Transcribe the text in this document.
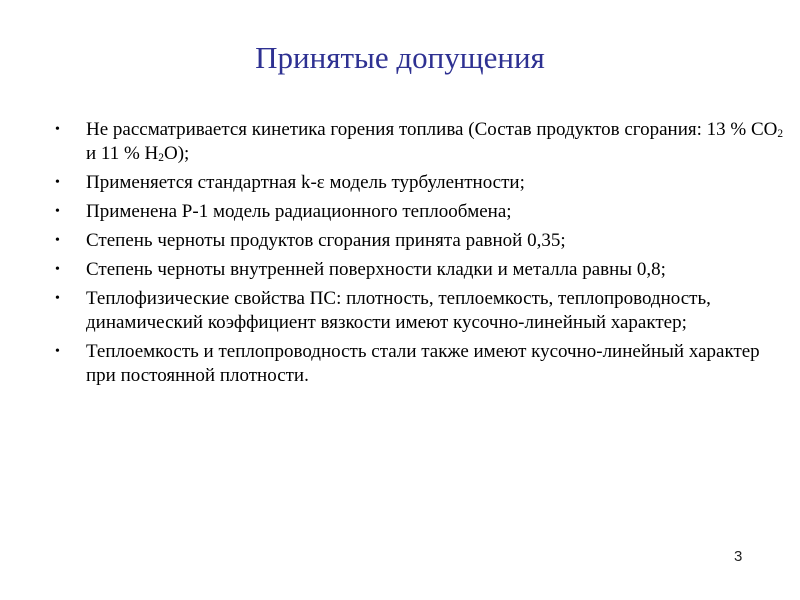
Принятые допущения
•	Не рассматривается кинетика горения топлива (Состав продуктов сгорания: 13 % $CO_2$ и 11 % $H_2O$);
•	Применяется стандартная k-ε модель турбулентности;
•	Применена Р-1 модель радиационного теплообмена;
•	Степень черноты продуктов сгорания принята равной 0,35;
•	Степень черноты внутренней поверхности кладки и металла равны 0,8;
•	Теплофизические свойства ПС: плотность, теплоемкость, теплопроводность, динамический коэффициент вязкости имеют кусочно-линейный характер;
•	Теплоемкость и теплопроводность стали также имеют кусочно-линейный характер при постоянной плотности.
3
